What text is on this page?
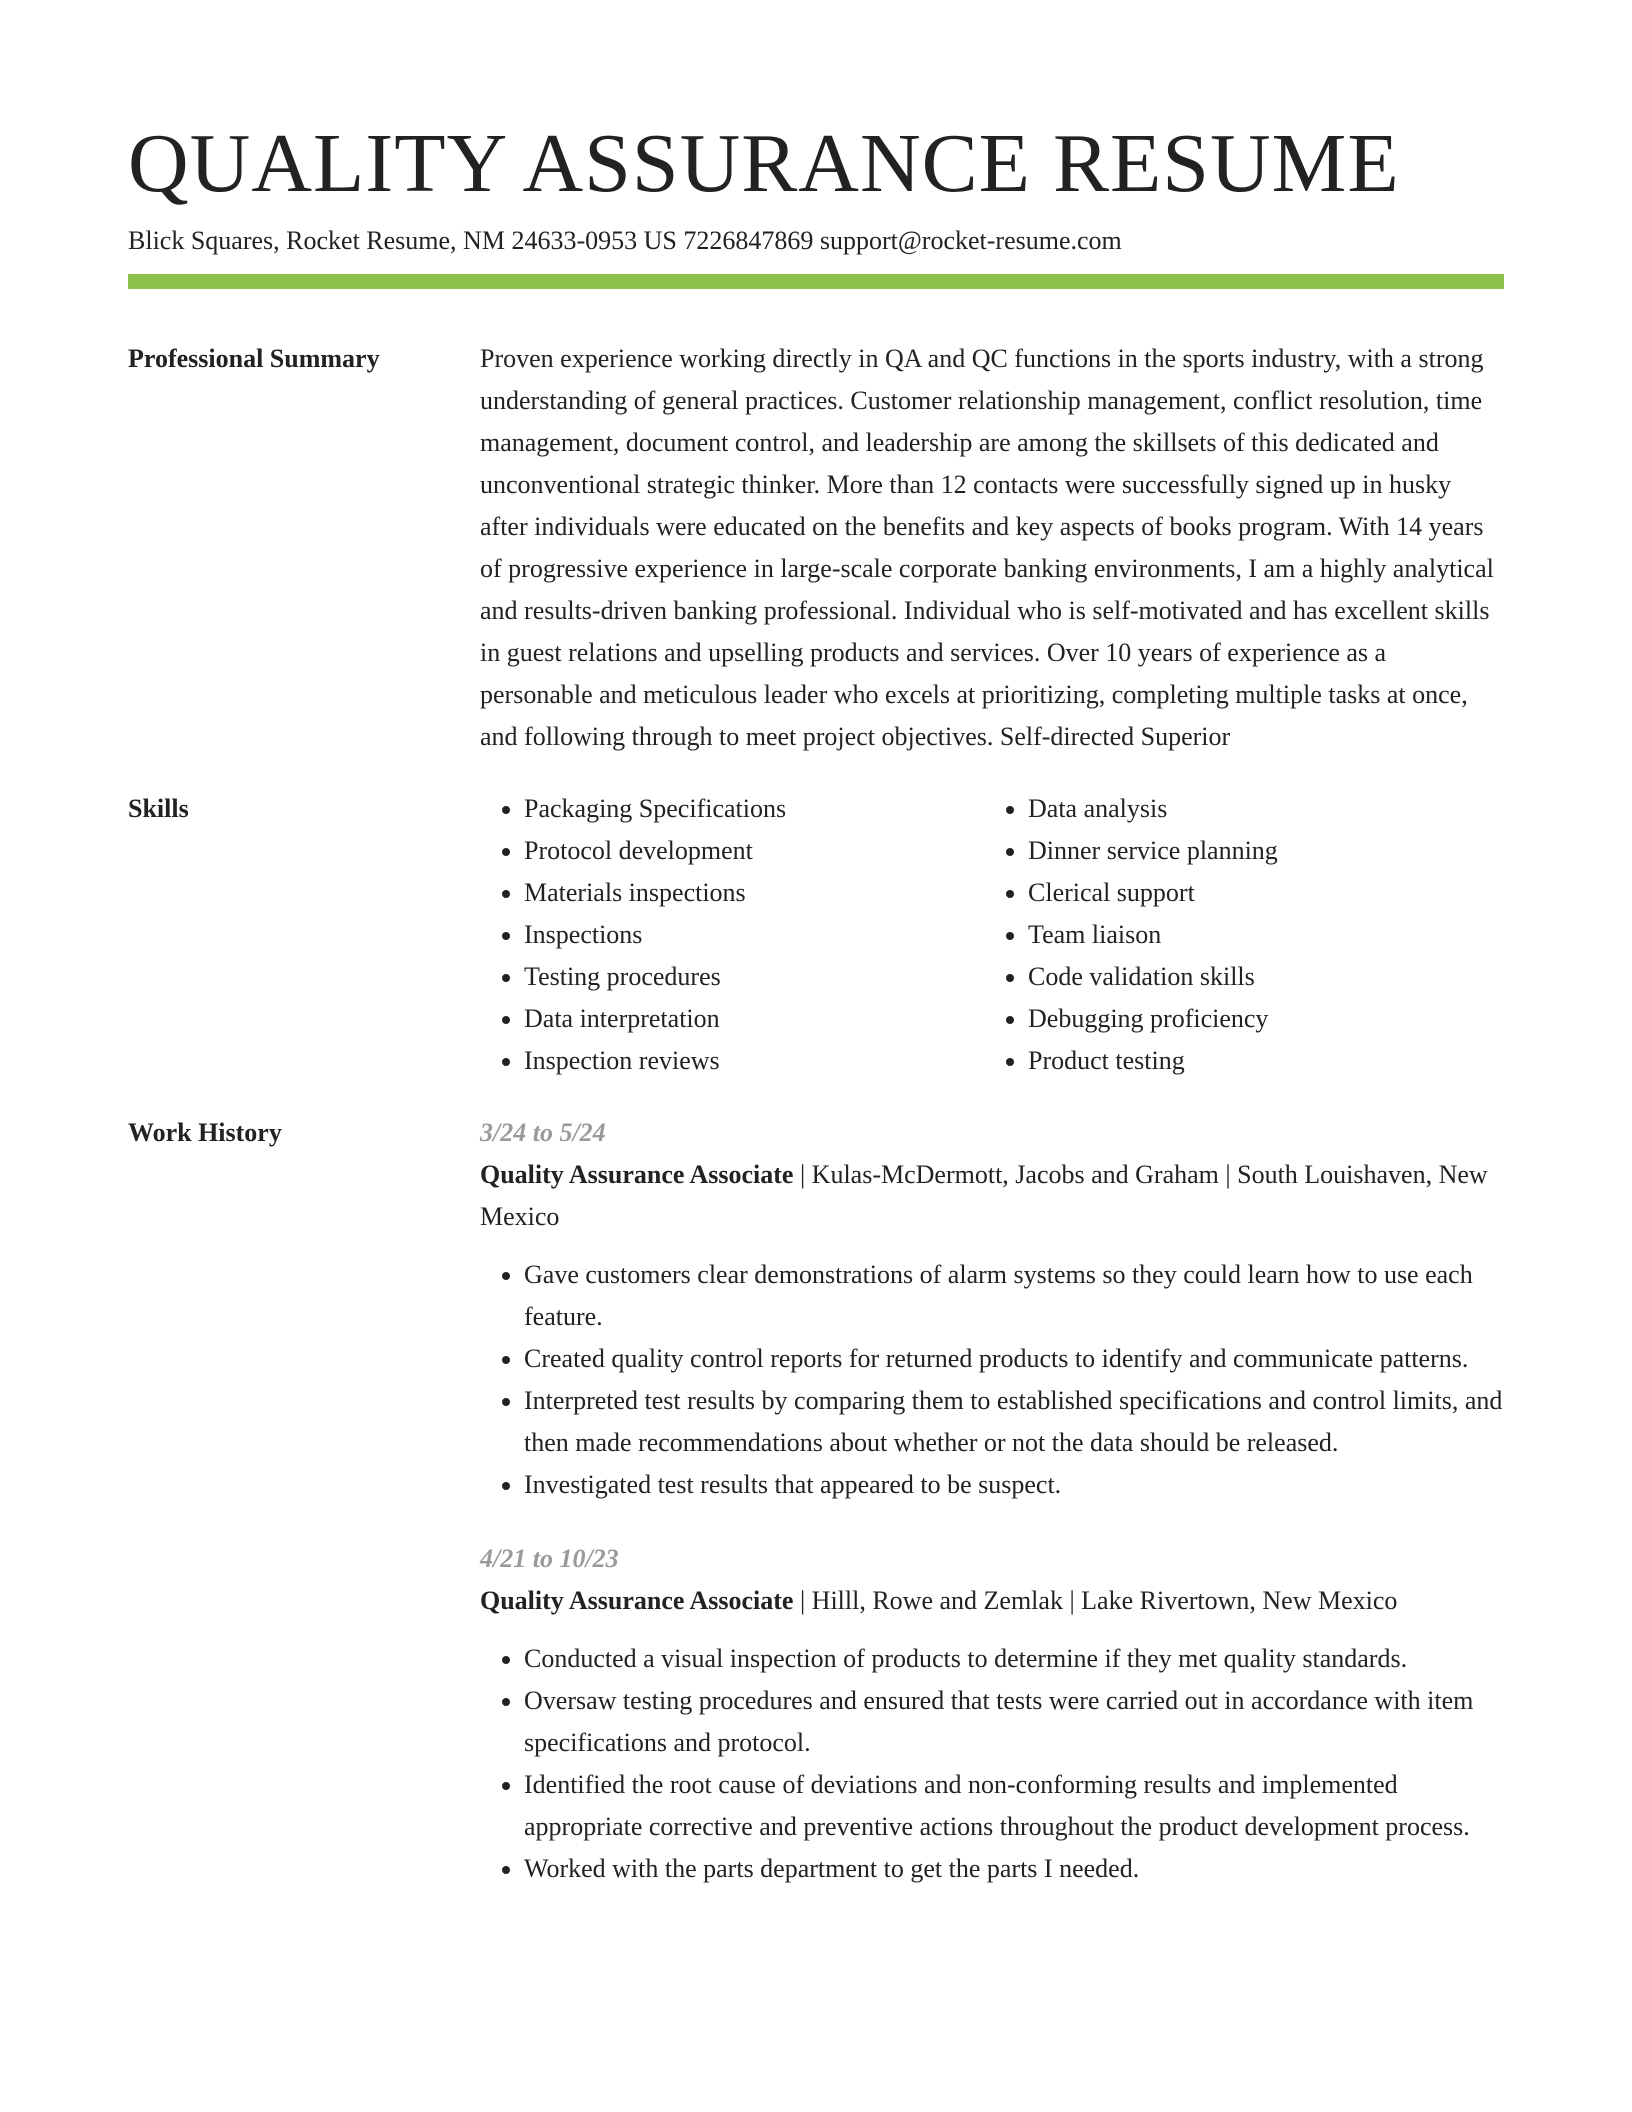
QUALITY ASSURANCE RESUME
Blick Squares, Rocket Resume, NM 24633-0953 US 7226847869 support@rocket-resume.com
Professional Summary	Proven experience working directly in QA and QC functions in the sports industry, with a strong understanding of general practices. Customer relationship management, conflict resolution, time management, document control, and leadership are among the skillsets of this dedicated and unconventional strategic thinker. More than 12 contacts were successfully signed up in husky after individuals were educated on the benefits and key aspects of books program. With 14 years of progressive experience in large-scale corporate banking environments, I am a highly analytical and results-driven banking professional. Individual who is self-motivated and has excellent skills in guest relations and upselling products and services. Over 10 years of experience as a personable and meticulous leader who excels at prioritizing, completing multiple tasks at once, and following through to meet project objectives. Self-directed Superior
Skills
•	Packaging Specifications
• Protocol development
• Materials inspections
• Inspections
• Testing procedures
• Data interpretation
• Inspection reviews
• Data analysis
• Dinner service planning
• Clerical support
• Team liaison
• Code validation skills
• Debugging proficiency
• Product testing
Work History	3/24 to 5/24
Quality Assurance Associate | Kulas-McDermott, Jacobs and Graham | South Louishaven, New Mexico
• Gave customers clear demonstrations of alarm systems so they could learn how to use each feature.
• Created quality control reports for returned products to identify and communicate patterns.
• Interpreted test results by comparing them to established specifications and control limits, and then made recommendations about whether or not the data should be released.
• Investigated test results that appeared to be suspect.
4/21 to 10/23
Quality Assurance Associate | Hilll, Rowe and Zemlak | Lake Rivertown, New Mexico
• Conducted a visual inspection of products to determine if they met quality standards.
• Oversaw testing procedures and ensured that tests were carried out in accordance with item specifications and protocol.
• Identified the root cause of deviations and non-conforming results and implemented appropriate corrective and preventive actions throughout the product development process.
• Worked with the parts department to get the parts I needed.
